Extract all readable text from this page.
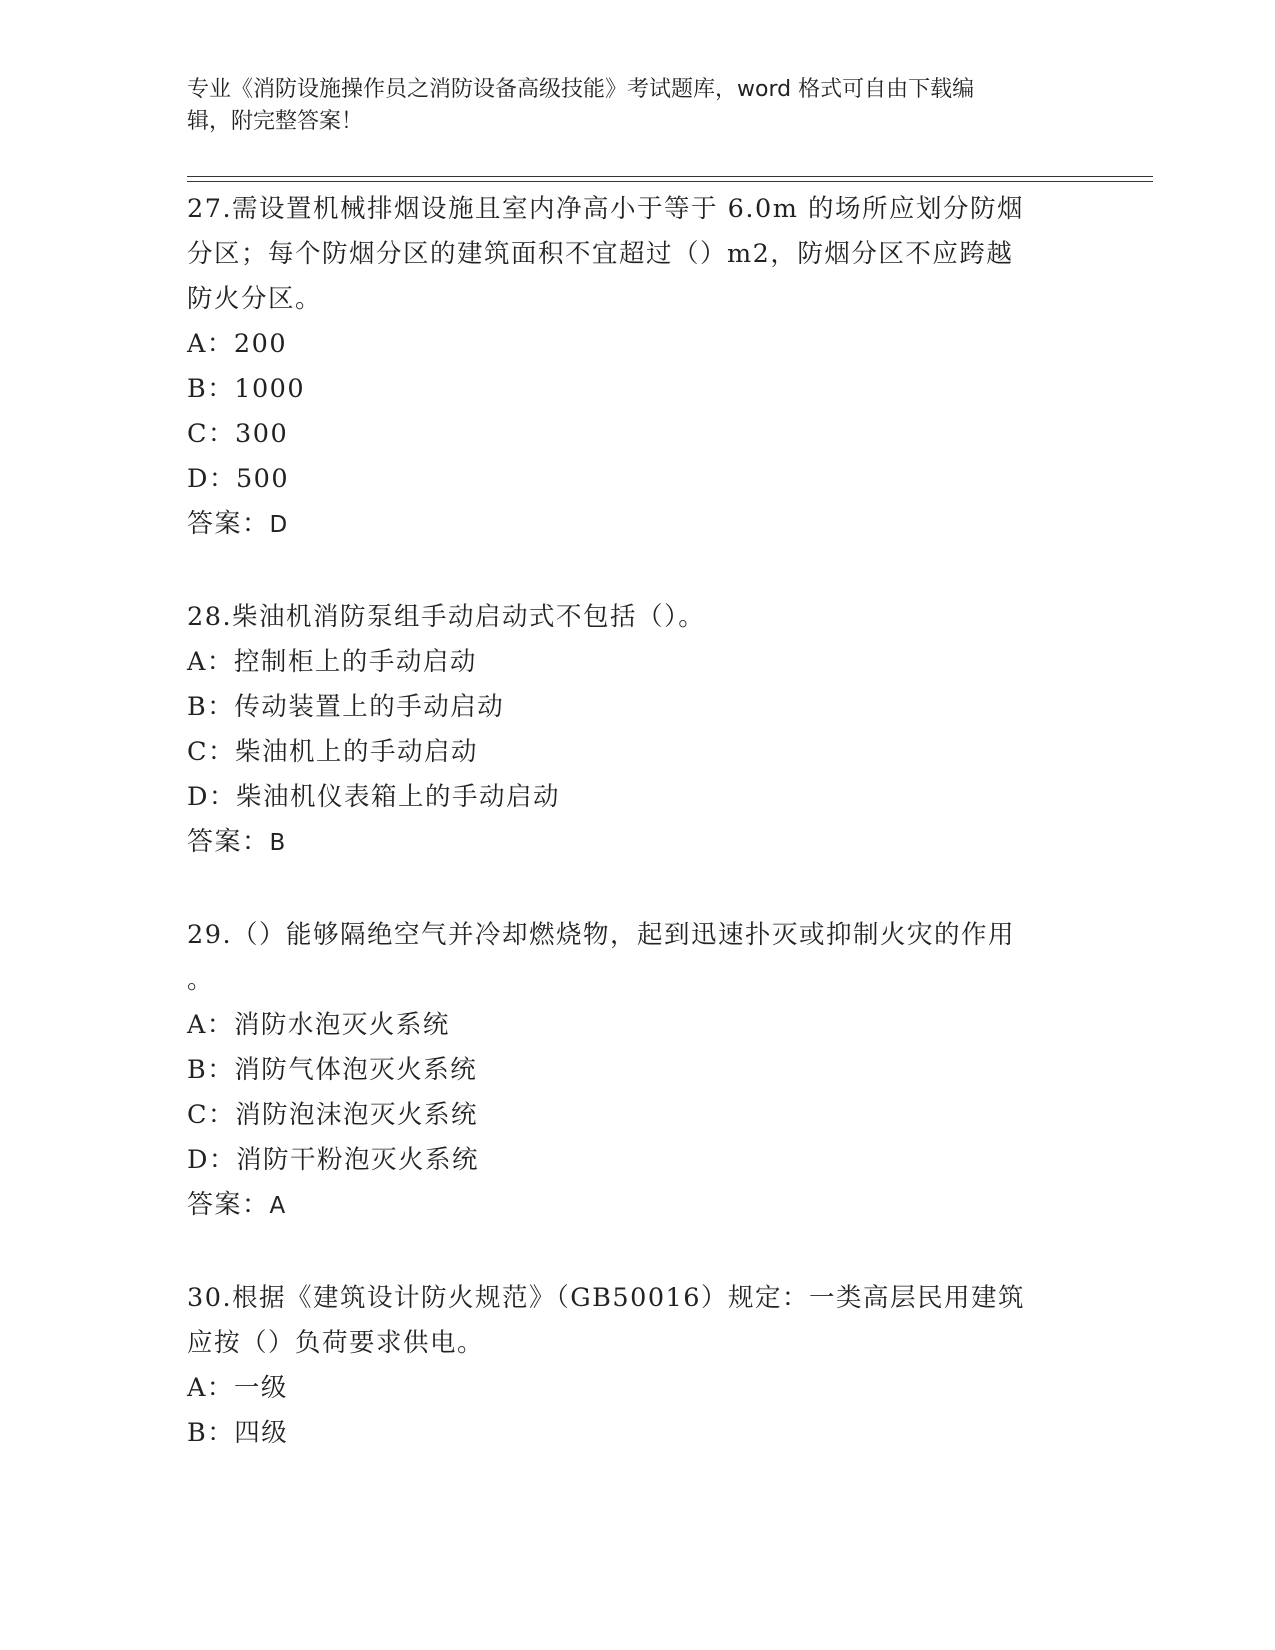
专业《消防设施操作员之消防设备高级技能》考试题库，word 格式可自由下载编
辑，附完整答案！
27.需设置机械排烟设施且室内净高小于等于 6.0m 的场所应划分防烟
分区；每个防烟分区的建筑面积不宜超过（）m2，防烟分区不应跨越
防火分区。
A：200
B：1000
C：300
D：500
答案：D
28.柴油机消防泵组手动启动式不包括（）。
A：控制柜上的手动启动
B：传动装置上的手动启动
C：柴油机上的手动启动
D：柴油机仪表箱上的手动启动
答案：B
29.（）能够隔绝空气并冷却燃烧物，起到迅速扑灭或抑制火灾的作用
。
A：消防水泡灭火系统
B：消防气体泡灭火系统
C：消防泡沫泡灭火系统
D：消防干粉泡灭火系统
答案：A
30.根据《建筑设计防火规范》（GB50016）规定：一类高层民用建筑
应按（）负荷要求供电。
A：一级
B：四级
